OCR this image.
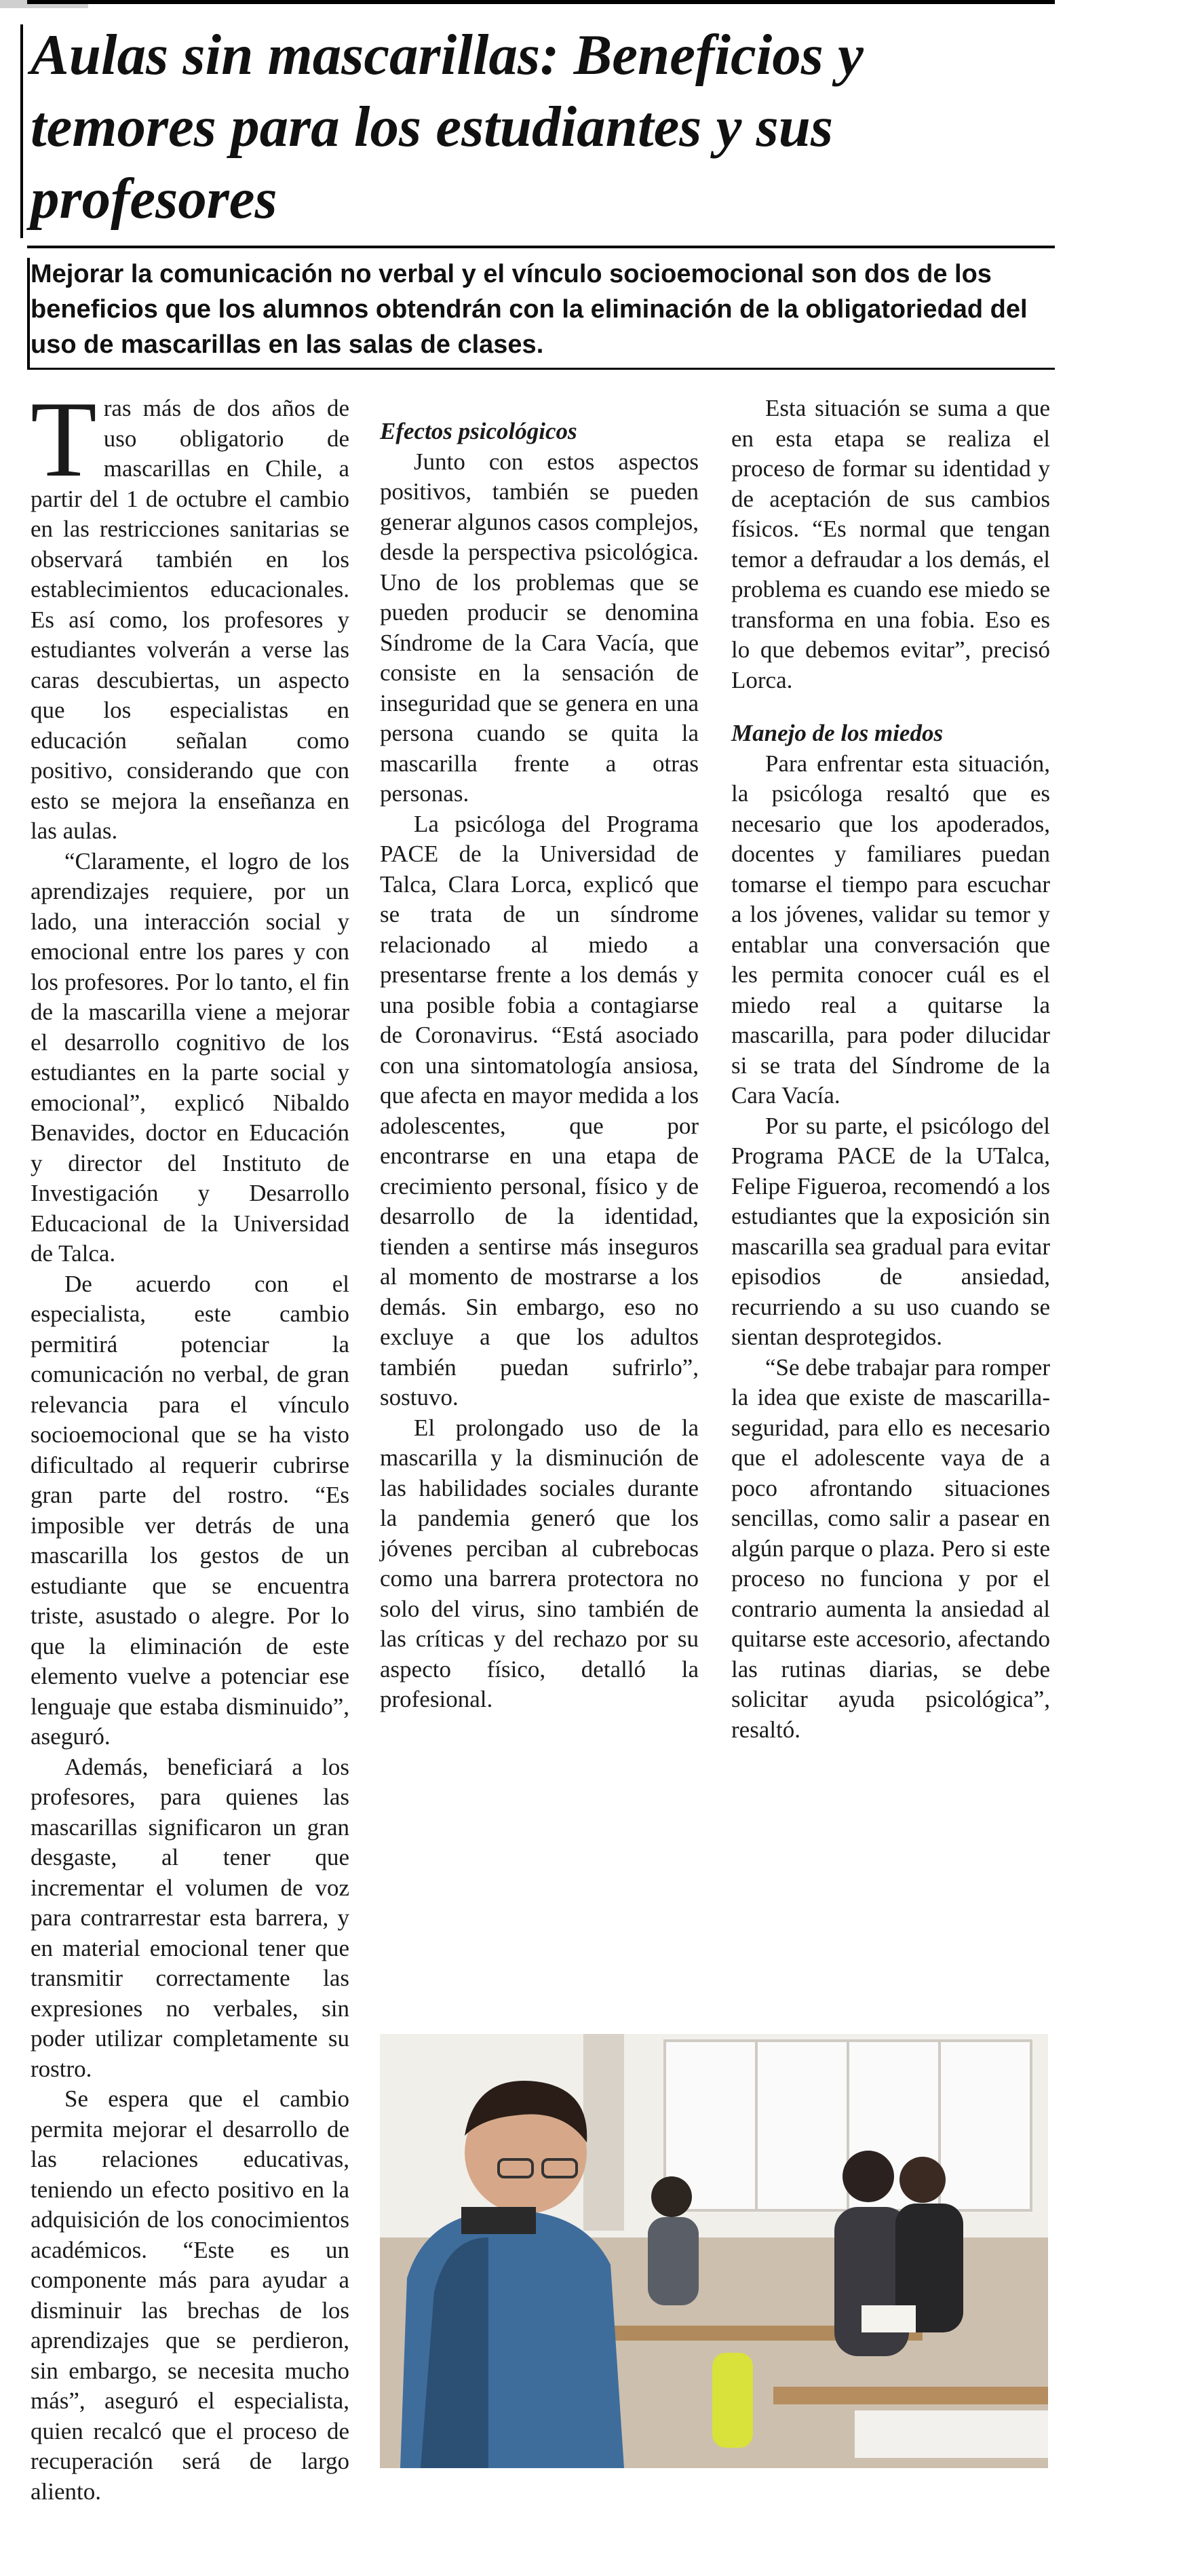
Aulas sin mascarillas: Beneficios y temores para los estudiantes y sus profesores

Mejorar la comunicación no verbal y el vínculo socioemocional son dos de los beneficios que los alumnos obtendrán con la eliminación de la obligatoriedad del uso de mascarillas en las salas de clases.

Tras más de dos años de uso obligatorio de mascarillas en Chile, a partir del 1 de octubre el cambio en las restricciones sanitarias se observará también en los establecimientos educacionales. Es así como, los profesores y estudiantes volverán a verse las caras descubiertas, un aspecto que los especialistas en educación señalan como positivo, considerando que con esto se mejora la enseñanza en las aulas.

“Claramente, el logro de los aprendizajes requiere, por un lado, una interacción social y emocional entre los pares y con los profesores. Por lo tanto, el fin de la mascarilla viene a mejorar el desarrollo cognitivo de los estudiantes en la parte social y emocional”, explicó Nibaldo Benavides, doctor en Educación y director del Instituto de Investigación y Desarrollo Educacional de la Universidad de Talca.

De acuerdo con el especialista, este cambio permitirá potenciar la comunicación no verbal, de gran relevancia para el vínculo socioemocional que se ha visto dificultado al requerir cubrirse gran parte del rostro. “Es imposible ver detrás de una mascarilla los gestos de un estudiante que se encuentra triste, asustado o alegre. Por lo que la eliminación de este elemento vuelve a potenciar ese lenguaje que estaba disminuido”, aseguró.

Además, beneficiará a los profesores, para quienes las mascarillas significaron un gran desgaste, al tener que incrementar el volumen de voz para contrarrestar esta barrera, y en material emocional tener que transmitir correctamente las expresiones no verbales, sin poder utilizar completamente su rostro.

Se espera que el cambio permita mejorar el desarrollo de las relaciones educativas, teniendo un efecto positivo en la adquisición de los conocimientos académicos. “Este es un componente más para ayudar a disminuir las brechas de los aprendizajes que se perdieron, sin embargo, se necesita mucho más”, aseguró el especialista, quien recalcó que el proceso de recuperación será de largo aliento.

Efectos psicológicos

Junto con estos aspectos positivos, también se pueden generar algunos casos complejos, desde la perspectiva psicológica. Uno de los problemas que se pueden producir se denomina Síndrome de la Cara Vacía, que consiste en la sensación de inseguridad que se genera en una persona cuando se quita la mascarilla frente a otras personas.

La psicóloga del Programa PACE de la Universidad de Talca, Clara Lorca, explicó que se trata de un síndrome relacionado al miedo a presentarse frente a los demás y una posible fobia a contagiarse de Coronavirus. “Está asociado con una sintomatología ansiosa, que afecta en mayor medida a los adolescentes, que por encontrarse en una etapa de crecimiento personal, físico y de desarrollo de la identidad, tienden a sentirse más inseguros al momento de mostrarse a los demás. Sin embargo, eso no excluye a que los adultos también puedan sufrirlo”, sostuvo.

El prolongado uso de la mascarilla y la disminución de las habilidades sociales durante la pandemia generó que los jóvenes perciban al cubrebocas como una barrera protectora no solo del virus, sino también de las críticas y del rechazo por su aspecto físico, detalló la profesional.

Esta situación se suma a que en esta etapa se realiza el proceso de formar su identidad y de aceptación de sus cambios físicos. “Es normal que tengan temor a defraudar a los demás, el problema es cuando ese miedo se transforma en una fobia. Eso es lo que debemos evitar”, precisó Lorca.

Manejo de los miedos

Para enfrentar esta situación, la psicóloga resaltó que es necesario que los apoderados, docentes y familiares puedan tomarse el tiempo para escuchar a los jóvenes, validar su temor y entablar una conversación que les permita conocer cuál es el miedo real a quitarse la mascarilla, para poder dilucidar si se trata del Síndrome de la Cara Vacía.

Por su parte, el psicólogo del Programa PACE de la UTalca, Felipe Figueroa, recomendó a los estudiantes que la exposición sin mascarilla sea gradual para evitar episodios de ansiedad, recurriendo a su uso cuando se sientan desprotegidos.

“Se debe trabajar para romper la idea que existe de mascarilla-seguridad, para ello es necesario que el adolescente vaya de a poco afrontando situaciones sencillas, como salir a pasear en algún parque o plaza. Pero si este proceso no funciona y por el contrario aumenta la ansiedad al quitarse este accesorio, afectando las rutinas diarias, se debe solicitar ayuda psicológica”, resaltó.
